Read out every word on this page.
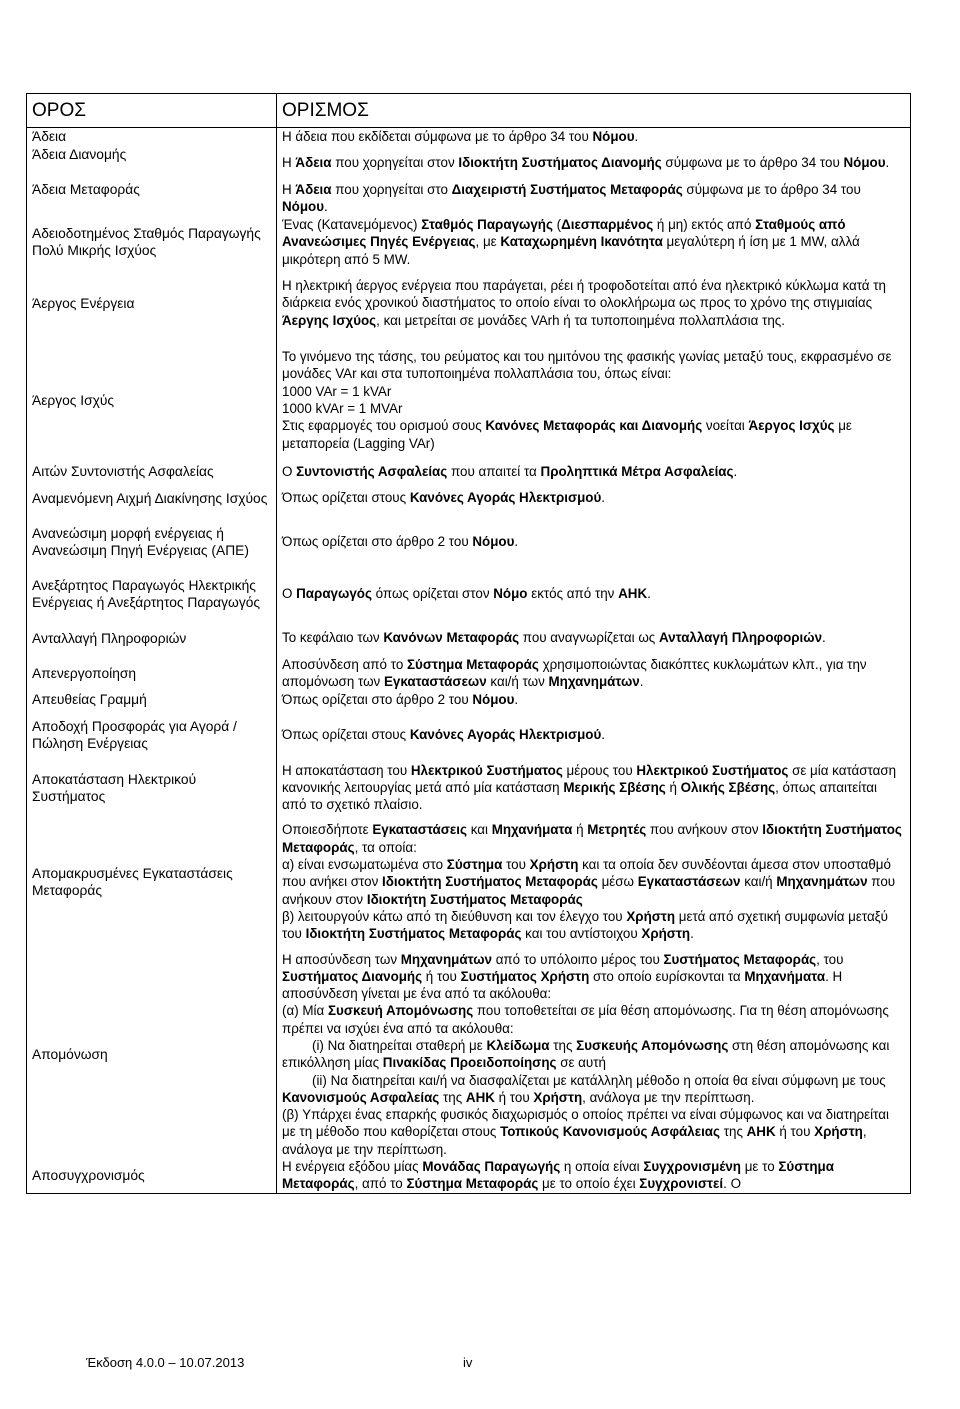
ΟΡΟΣ	ΟΡΙΣΜΟΣ
Άδεια	Η άδεια που εκδίδεται σύμφωνα με το άρθρο 34 του Νόμου.
Άδεια Διανομής	Η Άδεια που χορηγείται στον Ιδιοκτήτη Συστήματος Διανομής σύμφωνα με το άρθρο 34 του Νόμου.
Άδεια Μεταφοράς	Η Άδεια που χορηγείται στο Διαχειριστή Συστήματος Μεταφοράς σύμφωνα με το άρθρο 34 του Νόμου.
Αδειοδοτημένος Σταθμός Παραγωγής Πολύ Μικρής Ισχύος	Ένας (Κατανεμόμενος) Σταθμός Παραγωγής (Διεσπαρμένος ή μη) εκτός από Σταθμούς από Ανανεώσιμες Πηγές Ενέργειας, με Καταχωρημένη Ικανότητα μεγαλύτερη ή ίση με 1 MW, αλλά μικρότερη από 5 MW.
Άεργος Ενέργεια	Η ηλεκτρική άεργος ενέργεια που παράγεται, ρέει ή τροφοδοτείται από ένα ηλεκτρικό κύκλωμα κατά τη διάρκεια ενός χρονικού διαστήματος το οποίο είναι το ολοκλήρωμα ως προς το χρόνο της στιγμιαίας Άεργης Ισχύος, και μετρείται σε μονάδες VArh ή τα τυποποιημένα πολλαπλάσια της.
Άεργος Ισχύς	Το γινόμενο της τάσης, του ρεύματος και του ημιτόνου της φασικής γωνίας μεταξύ τους, εκφρασμένο σε μονάδες VAr και στα τυποποιημένα πολλαπλάσια του, όπως είναι:
1000 VAr = 1 kVAr
1000 kVAr = 1 MVAr
Στις εφαρμογές του ορισμού σους Κανόνες Μεταφοράς και Διανομής νοείται Άεργος Ισχύς με μεταπορεία (Lagging VAr)
Αιτών Συντονιστής Ασφαλείας	Ο Συντονιστής Ασφαλείας που απαιτεί τα Προληπτικά Μέτρα Ασφαλείας.
Αναμενόμενη Αιχμή Διακίνησης Ισχύος	Όπως ορίζεται στους Κανόνες Αγοράς Ηλεκτρισμού.
Ανανεώσιμη μορφή ενέργειας ή Ανανεώσιμη Πηγή Ενέργειας (ΑΠΕ)	Όπως ορίζεται στο άρθρο 2 του Νόμου.
Ανεξάρτητος Παραγωγός Ηλεκτρικής Ενέργειας ή Ανεξάρτητος Παραγωγός	Ο Παραγωγός όπως ορίζεται στον Νόμο εκτός από την ΑΗΚ.
Ανταλλαγή Πληροφοριών	Το κεφάλαιο των Κανόνων Μεταφοράς που αναγνωρίζεται ως Ανταλλαγή Πληροφοριών.
Απενεργοποίηση	Αποσύνδεση από το Σύστημα Μεταφοράς χρησιμοποιώντας διακόπτες κυκλωμάτων κλπ., για την απομόνωση των Εγκαταστάσεων και/ή των Μηχανημάτων.
Απευθείας Γραμμή	Όπως ορίζεται στο άρθρο 2 του Νόμου.
Αποδοχή Προσφοράς για Αγορά / Πώληση Ενέργειας	Όπως ορίζεται στους Κανόνες Αγοράς Ηλεκτρισμού.
Αποκατάσταση Ηλεκτρικού Συστήματος	Η αποκατάσταση του Ηλεκτρικού Συστήματος μέρους του Ηλεκτρικού Συστήματος σε μία κατάσταση κανονικής λειτουργίας μετά από μία κατάσταση Μερικής Σβέσης ή Ολικής Σβέσης, όπως απαιτείται από το σχετικό πλαίσιο.
Απομακρυσμένες Εγκαταστάσεις Μεταφοράς	Οποιεσδήποτε Εγκαταστάσεις και Μηχανήματα ή Μετρητές που ανήκουν στον Ιδιοκτήτη Συστήματος Μεταφοράς, τα οποία:
α) είναι ενσωματωμένα στο Σύστημα του Χρήστη και τα οποία δεν συνδέονται άμεσα στον υποσταθμό που ανήκει στον Ιδιοκτήτη Συστήματος Μεταφοράς μέσω Εγκαταστάσεων και/ή Μηχανημάτων που ανήκουν στον Ιδιοκτήτη Συστήματος Μεταφοράς
β) λειτουργούν κάτω από τη διεύθυνση και τον έλεγχο του Χρήστη μετά από σχετική συμφωνία μεταξύ του Ιδιοκτήτη Συστήματος Μεταφοράς και του αντίστοιχου Χρήστη.
Απομόνωση	Η αποσύνδεση των Μηχανημάτων από το υπόλοιπο μέρος του Συστήματος Μεταφοράς, του Συστήματος Διανομής ή του Συστήματος Χρήστη στο οποίο ευρίσκονται τα Μηχανήματα. Η αποσύνδεση γίνεται με ένα από τα ακόλουθα:
(α) Μία Συσκευή Απομόνωσης που τοποθετείται σε μία θέση απομόνωσης. Για τη θέση απομόνωσης πρέπει να ισχύει ένα από τα ακόλουθα:
(i) Να διατηρείται σταθερή με Κλείδωμα της Συσκευής Απομόνωσης στη θέση απομόνωσης και επικόλληση μίας Πινακίδας Προειδοποίησης σε αυτή
(ii) Να διατηρείται και/ή να διασφαλίζεται με κατάλληλη μέθοδο η οποία θα είναι σύμφωνη με τους Κανονισμούς Ασφαλείας της ΑΗΚ ή του Χρήστη, ανάλογα με την περίπτωση.
(β) Υπάρχει ένας επαρκής φυσικός διαχωρισμός ο οποίος πρέπει να είναι σύμφωνος και να διατηρείται με τη μέθοδο που καθορίζεται στους Τοπικούς Κανονισμούς Ασφάλειας της ΑΗΚ ή του Χρήστη, ανάλογα με την περίπτωση.
Αποσυγχρονισμός	Η ενέργεια εξόδου μίας Μονάδας Παραγωγής η οποία είναι Συγχρονισμένη με το Σύστημα Μεταφοράς, από το Σύστημα Μεταφοράς με το οποίο έχει Συγχρονιστεί. Ο
Έκδοση 4.0.0 – 10.07.2013	iv
